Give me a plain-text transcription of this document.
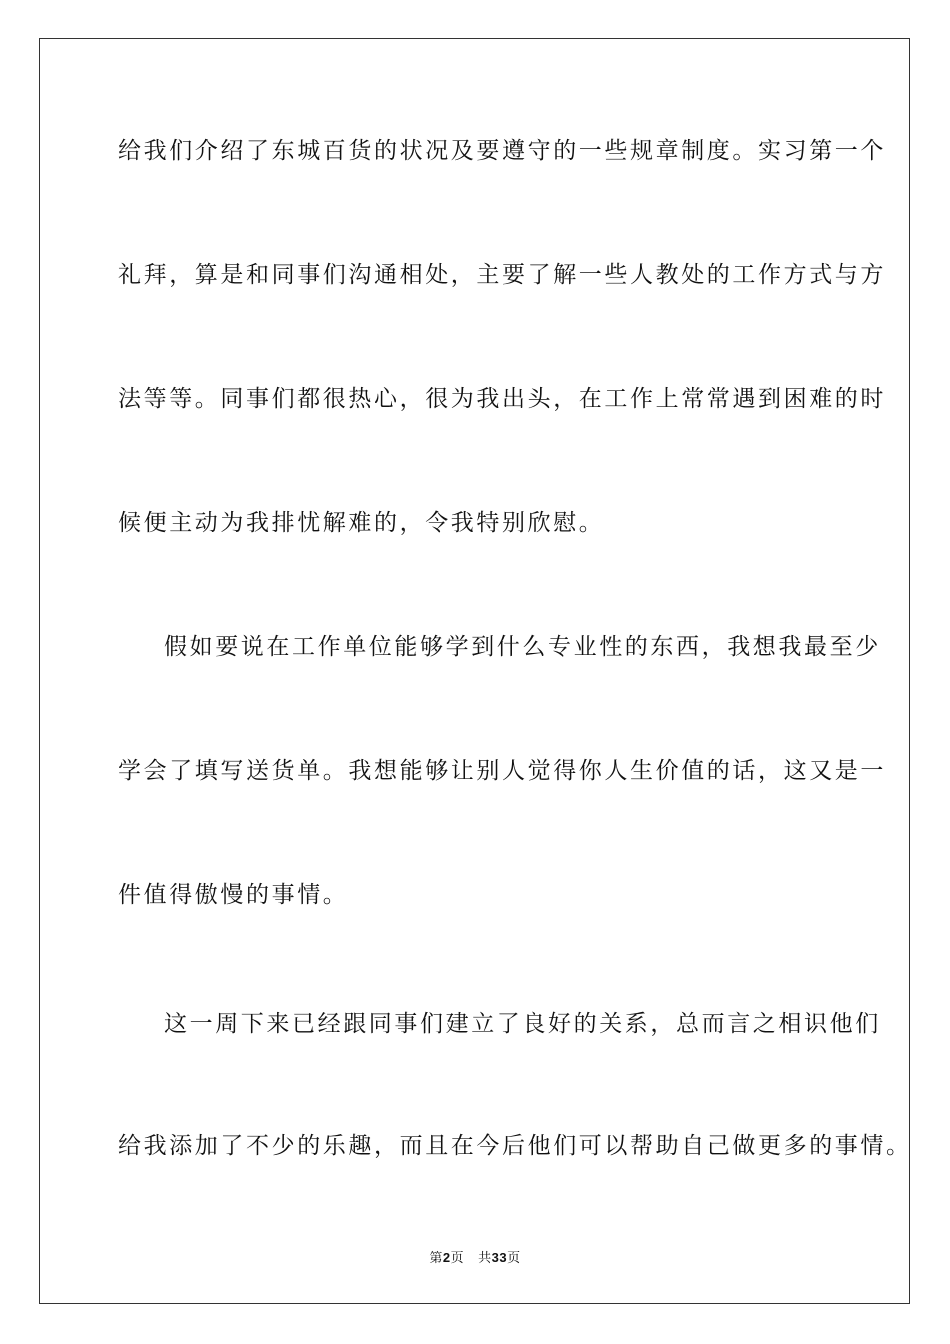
给我们介绍了东城百货的状况及要遵守的一些规章制度。实习第一个
礼拜，算是和同事们沟通相处，主要了解一些人教处的工作方式与方
法等等。同事们都很热心，很为我出头，在工作上常常遇到困难的时
候便主动为我排忧解难的，令我特别欣慰。
假如要说在工作单位能够学到什么专业性的东西，我想我最至少
学会了填写送货单。我想能够让别人觉得你人生价值的话，这又是一
件值得傲慢的事情。
这一周下来已经跟同事们建立了良好的关系，总而言之相识他们
给我添加了不少的乐趣，而且在今后他们可以帮助自己做更多的事情。
第2页 共33页
